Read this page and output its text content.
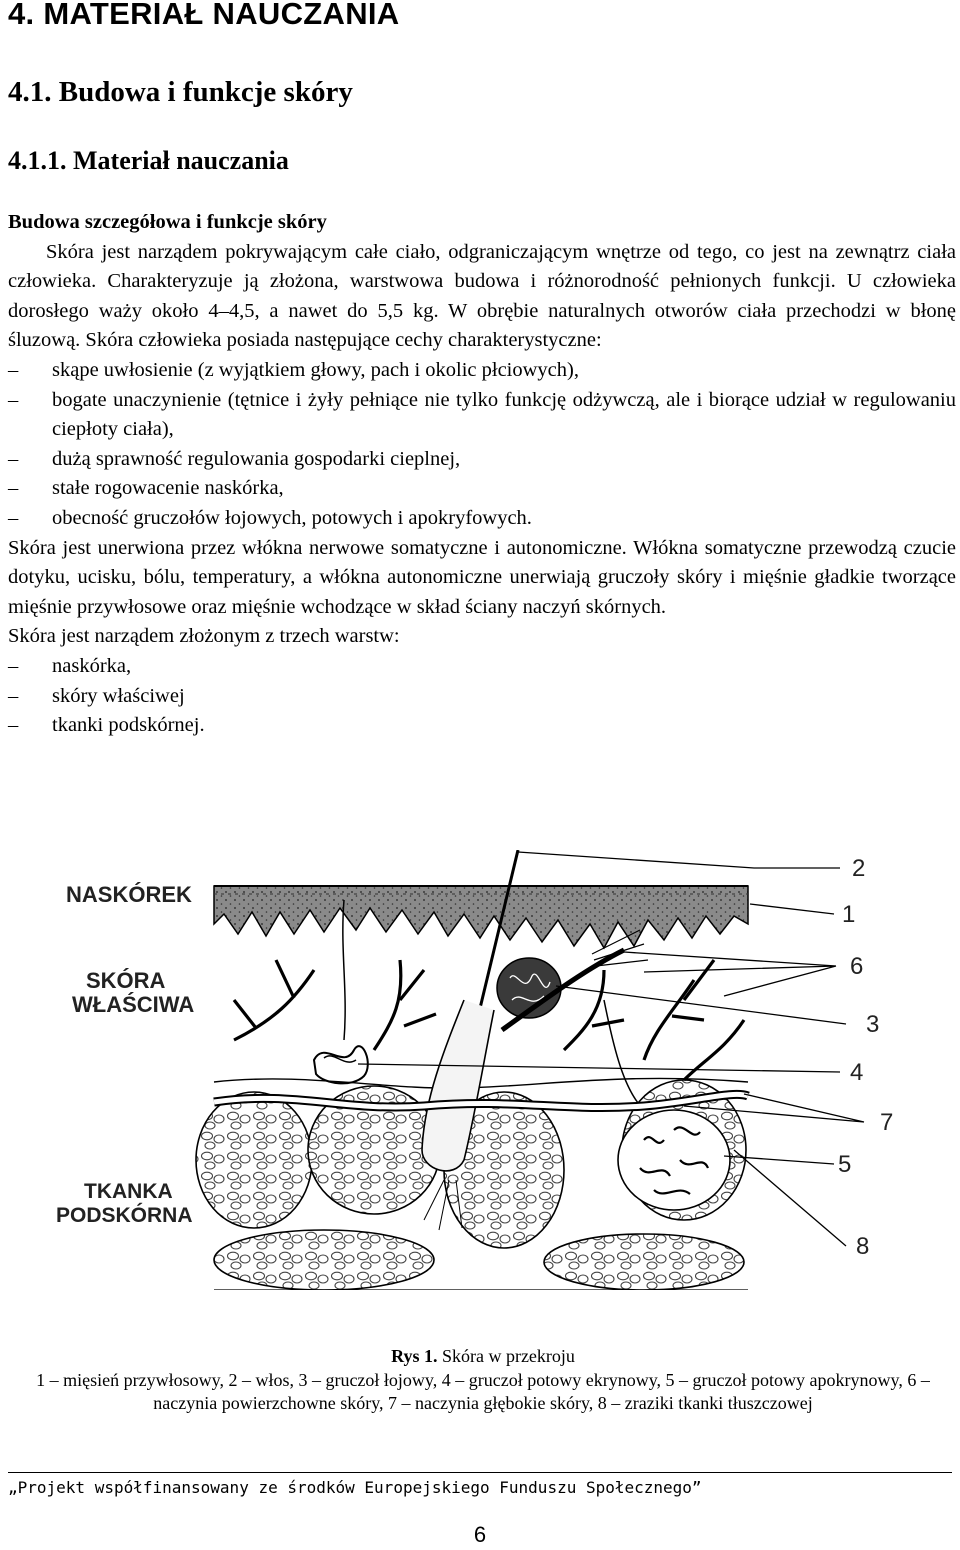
4. MATERIAŁ NAUCZANIA
4.1. Budowa i funkcje skóry
4.1.1. Materiał nauczania
Budowa szczegółowa i funkcje skóry
Skóra jest narządem pokrywającym całe ciało, odgraniczającym wnętrze od tego, co jest na zewnątrz ciała człowieka. Charakteryzuje ją złożona, warstwowa budowa i różnorodność pełnionych funkcji. U człowieka dorosłego waży około 4–4,5, a nawet do 5,5 kg. W obrębie naturalnych otworów ciała przechodzi w błonę śluzową. Skóra człowieka posiada następujące cechy charakterystyczne:
–	skąpe uwłosienie (z wyjątkiem głowy, pach i okolic płciowych),
–	bogate unaczynienie (tętnice i żyły pełniące nie tylko funkcję odżywczą, ale i biorące udział w regulowaniu ciepłoty ciała),
–	dużą sprawność regulowania gospodarki cieplnej,
–	stałe rogowacenie naskórka,
–	obecność gruczołów łojowych, potowych i apokryfowych.
Skóra jest unerwiona przez włókna nerwowe somatyczne i autonomiczne. Włókna somatyczne przewodzą czucie dotyku, ucisku, bólu, temperatury, a włókna autonomiczne unerwiają gruczoły skóry i mięśnie gładkie tworzące mięśnie przywłosowe oraz mięśnie wchodzące w skład ściany naczyń skórnych.
Skóra jest narządem złożonym z trzech warstw:
–	naskórka,
–	skóry właściwej
–	tkanki podskórnej.
NASKÓREK
SKÓRA
WŁAŚCIWA
TKANKA
PODSKÓRNA
2
1
6
3
4
7
5
8
Rys 1. Skóra w przekroju
1 – mięsień przywłosowy, 2 – włos, 3 – gruczoł łojowy, 4 – gruczoł potowy ekrynowy, 5 – gruczoł potowy apokrynowy, 6 – naczynia powierzchowne skóry, 7 – naczynia głębokie skóry, 8 – zraziki tkanki tłuszczowej
„Projekt współfinansowany ze środków Europejskiego Funduszu Społecznego”
6
